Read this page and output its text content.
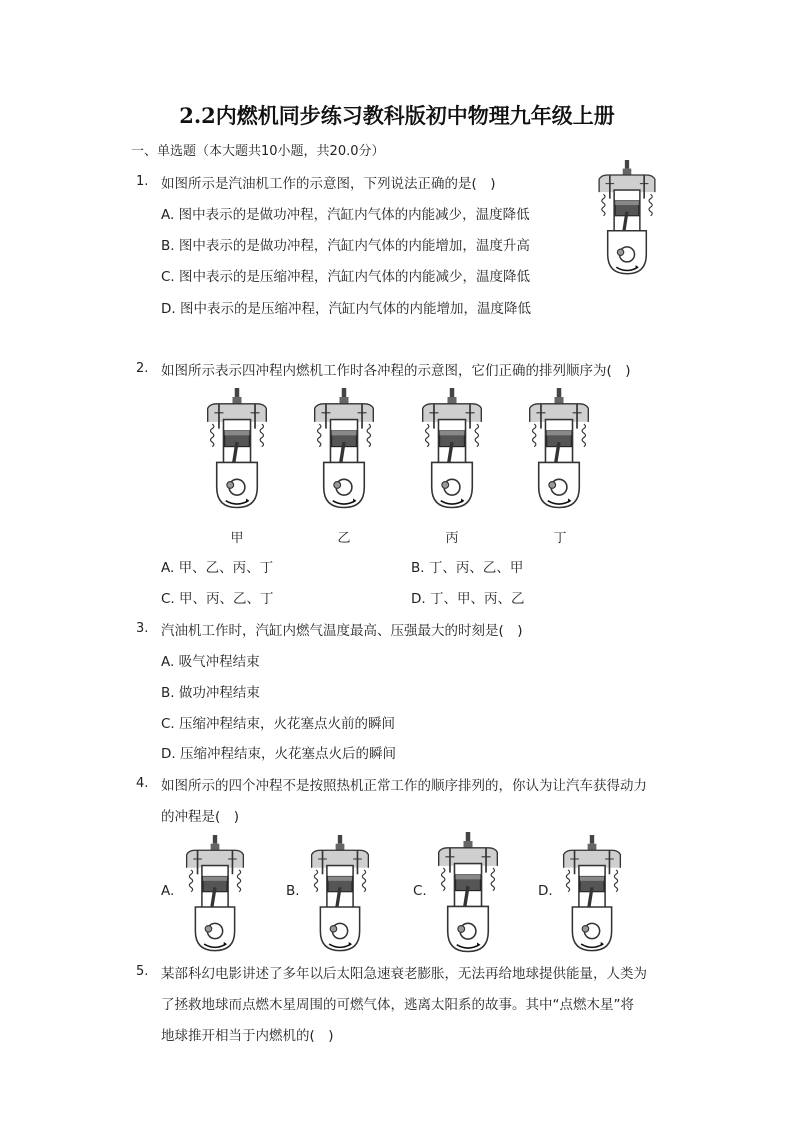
2.2内燃机同步练习教科版初中物理九年级上册
一、单选题（本大题共10小题，共20.0分）
1. 如图所示是汽油机工作的示意图，下列说法正确的是(　)
A. 图中表示的是做功冲程，汽缸内气体的内能减少，温度降低
B. 图中表示的是做功冲程，汽缸内气体的内能增加，温度升高
C. 图中表示的是压缩冲程，汽缸内气体的内能减少，温度降低
D. 图中表示的是压缩冲程，汽缸内气体的内能增加，温度降低
2. 如图所示表示四冲程内燃机工作时各冲程的示意图，它们正确的排列顺序为(　)
甲	乙	丙	丁
A. 甲、乙、丙、丁	B. 丁、丙、乙、甲
C. 甲、丙、乙、丁	D. 丁、甲、丙、乙
3. 汽油机工作时，汽缸内燃气温度最高、压强最大的时刻是(　)
A. 吸气冲程结束
B. 做功冲程结束
C. 压缩冲程结束，火花塞点火前的瞬间
D. 压缩冲程结束，火花塞点火后的瞬间
4. 如图所示的四个冲程不是按照热机正常工作的顺序排列的，你认为让汽车获得动力
的冲程是(　)
A.	B.	C.	D.
5. 某部科幻电影讲述了多年以后太阳急速衰老膨胀，无法再给地球提供能量，人类为
了拯救地球而点燃木星周围的可燃气体，逃离太阳系的故事。其中“点燃木星”将
地球推开相当于内燃机的(　)
